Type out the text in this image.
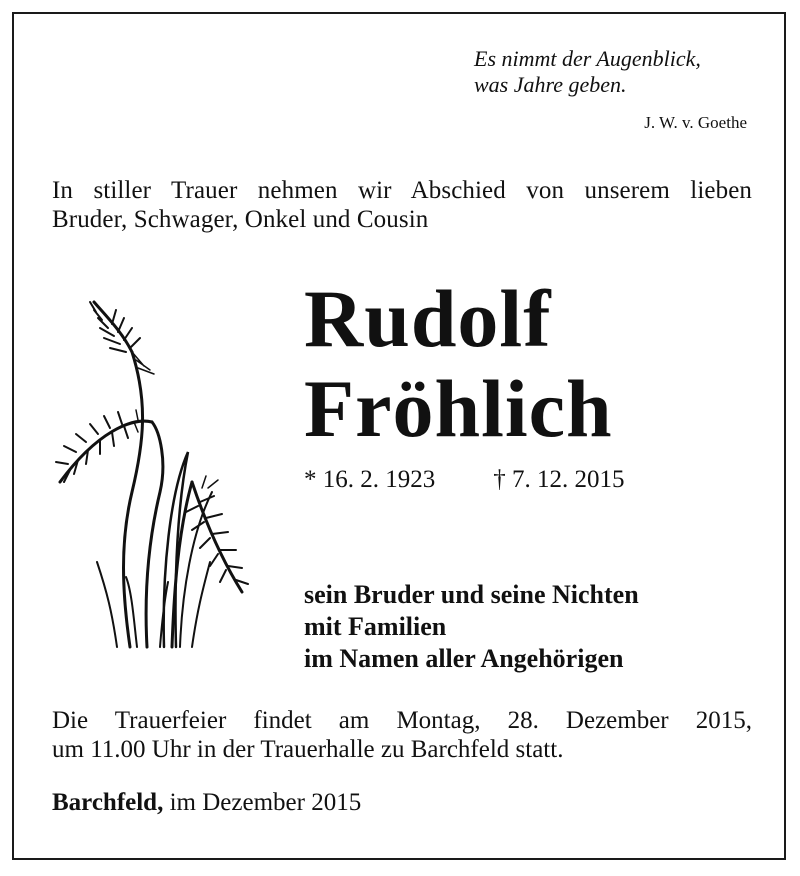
Es nimmt der Augenblick,
was Jahre geben.
J. W. v. Goethe
In stiller Trauer nehmen wir Abschied von unserem lieben
Bruder, Schwager, Onkel und Cousin
Rudolf
Fröhlich
* 16. 2. 1923 † 7. 12. 2015
sein Bruder und seine Nichten
mit Familien
im Namen aller Angehörigen
Die Trauerfeier findet am Montag, 28. Dezember 2015,
um 11.00 Uhr in der Trauerhalle zu Barchfeld statt.
Barchfeld, im Dezember 2015
